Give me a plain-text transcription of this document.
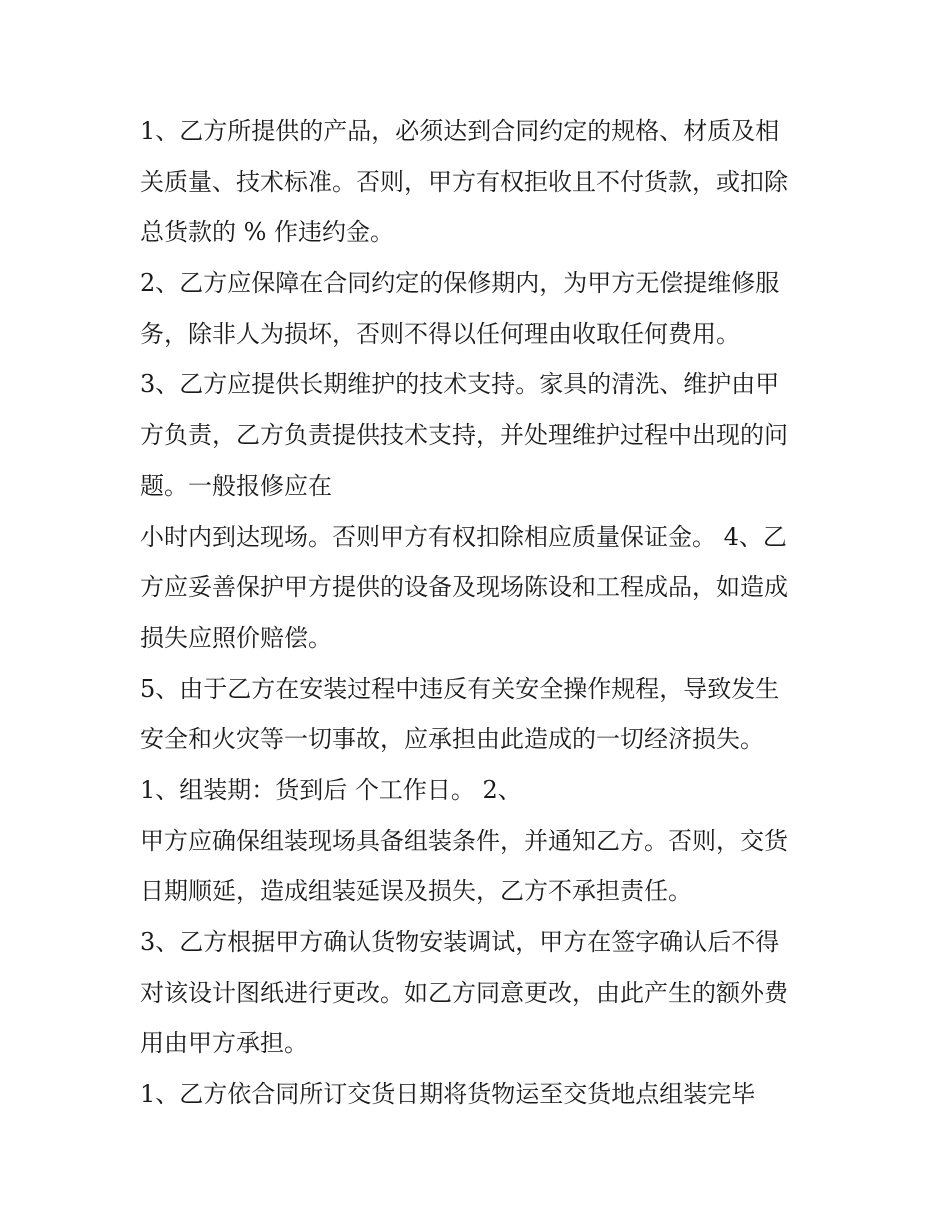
1、乙方所提供的产品，必须达到合同约定的规格、材质及相
关质量、技术标准。否则，甲方有权拒收且不付货款，或扣除
总货款的 % 作违约金。
2、乙方应保障在合同约定的保修期内，为甲方无偿提维修服
务，除非人为损坏，否则不得以任何理由收取任何费用。
3、乙方应提供长期维护的技术支持。家具的清洗、维护由甲
方负责，乙方负责提供技术支持，并处理维护过程中出现的问
题。一般报修应在
小时内到达现场。否则甲方有权扣除相应质量保证金。 4、乙
方应妥善保护甲方提供的设备及现场陈设和工程成品，如造成
损失应照价赔偿。
5、由于乙方在安装过程中违反有关安全操作规程，导致发生
安全和火灾等一切事故，应承担由此造成的一切经济损失。
1、组装期：货到后 个工作日。 2、
甲方应确保组装现场具备组装条件，并通知乙方。否则，交货
日期顺延，造成组装延误及损失，乙方不承担责任。
3、乙方根据甲方确认货物安装调试，甲方在签字确认后不得
对该设计图纸进行更改。如乙方同意更改，由此产生的额外费
用由甲方承担。
1、乙方依合同所订交货日期将货物运至交货地点组装完毕
